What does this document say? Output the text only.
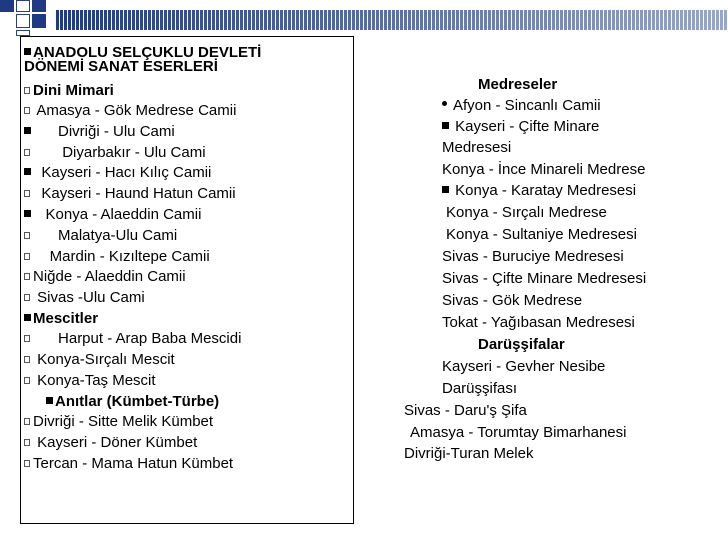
ANADOLU SELÇUKLU DEVLETİ
DÖNEMİ SANAT ESERLERİ
Dini Mimari
Amasya - Gök Medrese Camii
Divriği - Ulu Cami
Diyarbakır - Ulu Cami
Kayseri - Hacı Kılıç Camii
Kayseri - Haund Hatun Camii
Konya - Alaeddin Camii
Malatya-Ulu Cami
Mardin - Kızıltepe Camii
Niğde - Alaeddin Camii
Sivas -Ulu Cami
Mescitler
Harput - Arap Baba Mescidi
Konya-Sırçalı Mescit
Konya-Taş Mescit
Anıtlar (Kümbet-Türbe)
Divriği - Sitte Melik Kümbet
Kayseri - Döner Kümbet
Tercan - Mama Hatun Kümbet
Medreseler
Afyon - Sincanlı Camii
Kayseri - Çifte Minare
Medresesi
Konya - İnce Minareli Medrese
Konya - Karatay Medresesi
Konya - Sırçalı Medrese
Konya - Sultaniye Medresesi
Sivas - Buruciye Medresesi
Sivas - Çifte Minare Medresesi
Sivas - Gök Medrese
Tokat - Yağıbasan Medresesi
Darüşşifalar
Kayseri - Gevher Nesibe
Darüşşifası
Sivas - Daru'ş Şifa
Amasya - Torumtay Bimarhanesi
Divriği-Turan Melek
